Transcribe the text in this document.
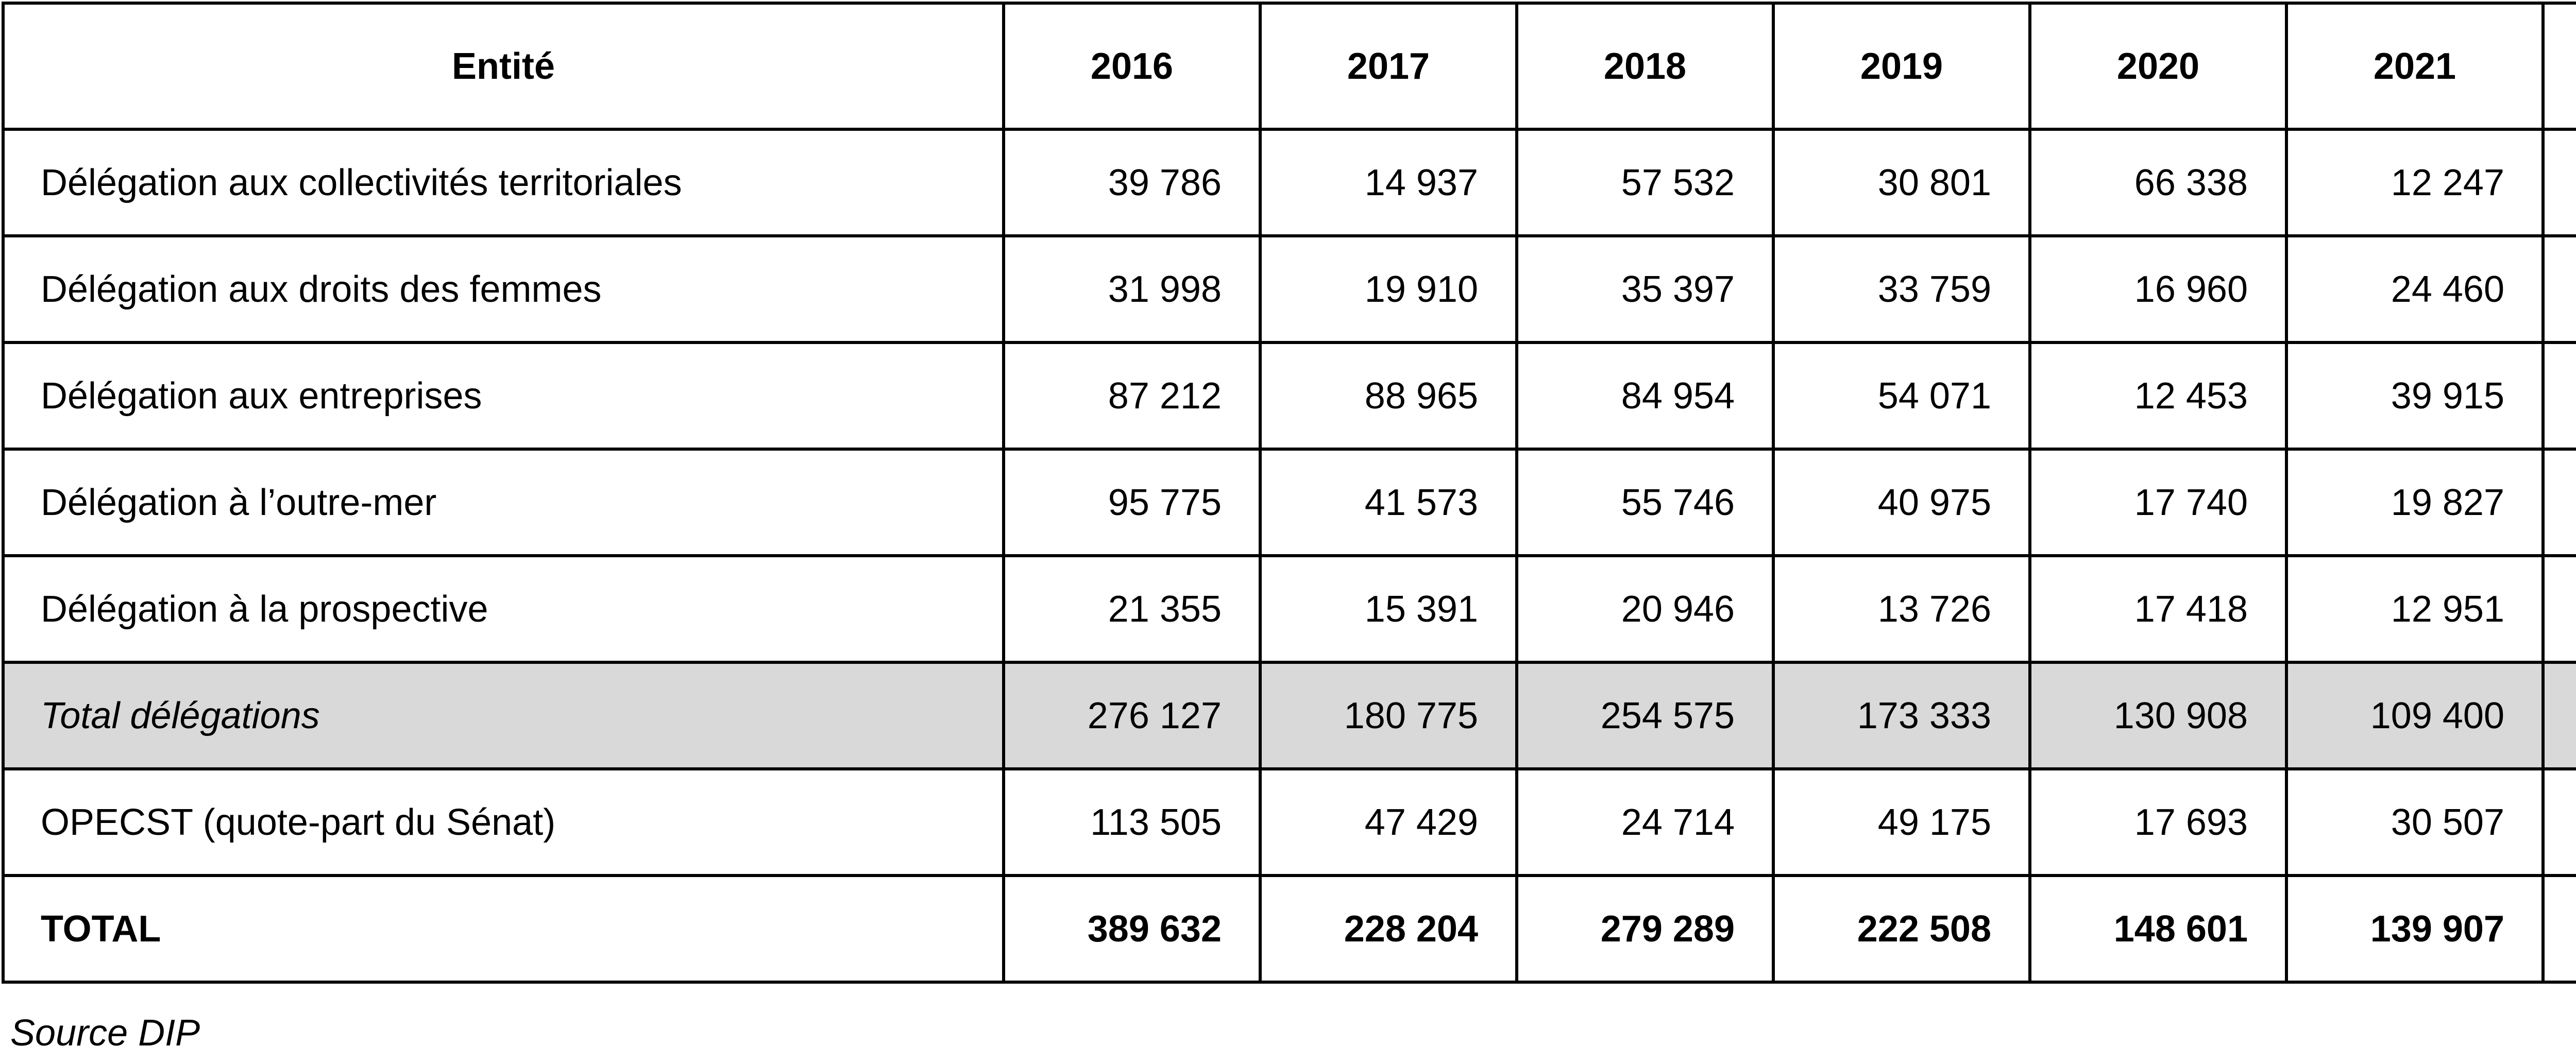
Entité	2016	2017	2018	2019	2020	2021		

Délégation aux collectivités territoriales	39 786	14 937	57 532	30 801	66 338	12 247		
Délégation aux droits des femmes	31 998	19 910	35 397	33 759	16 960	24 460		
Délégation aux entreprises	87 212	88 965	84 954	54 071	12 453	39 915		
Délégation à l’outre-mer	95 775	41 573	55 746	40 975	17 740	19 827		
Délégation à la prospective	21 355	15 391	20 946	13 726	17 418	12 951		
Total délégations	276 127	180 775	254 575	173 333	130 908	109 400		
OPECST (quote-part du Sénat)	113 505	47 429	24 714	49 175	17 693	30 507		
TOTAL	389 632	228 204	279 289	222 508	148 601	139 907		
Source DIP
